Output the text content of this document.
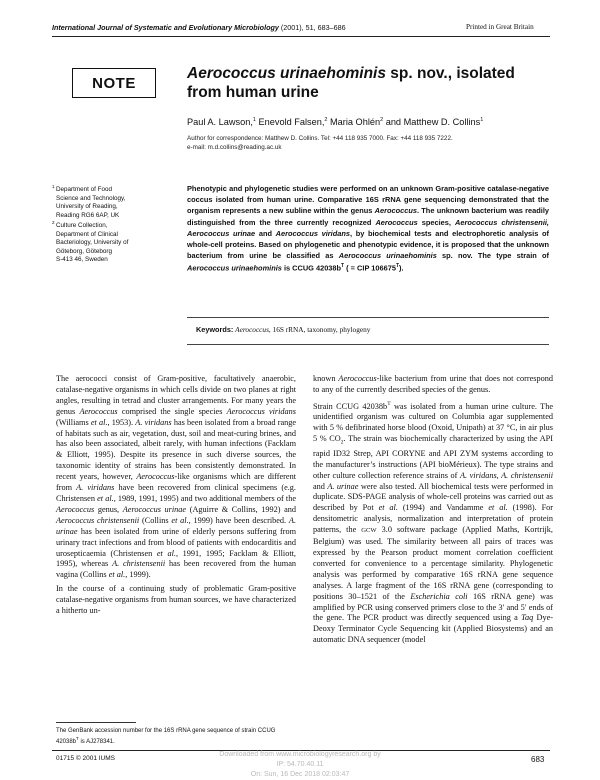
International Journal of Systematic and Evolutionary Microbiology (2001), 51, 683–686	Printed in Great Britain
NOTE
Aerococcus urinaehominis sp. nov., isolated from human urine
Paul A. Lawson,$^1$ Enevold Falsen,$^2$ Maria Ohlén$^2$ and Matthew D. Collins$^1$
Author for correspondence: Matthew D. Collins. Tel: +44 118 935 7000. Fax: +44 118 935 7222.
e-mail: m.d.collins@reading.ac.uk
1 Department of Food
Science and Technology,
University of Reading,
Reading RG6 6AP, UK
2 Culture Collection,
Department of Clinical
Bacteriology, University of
Göteborg, Göteborg
S-413 46, Sweden
Phenotypic and phylogenetic studies were performed on an unknown Gram-positive catalase-negative coccus isolated from human urine. Comparative 16S rRNA gene sequencing demonstrated that the organism represents a new subline within the genus Aerococcus. The unknown bacterium was readily distinguished from the three currently recognized Aerococcus species, Aerococcus christensenii, Aerococcus urinae and Aerococcus viridans, by biochemical tests and electrophoretic analysis of whole-cell proteins. Based on phylogenetic and phenotypic evidence, it is proposed that the unknown bacterium from urine be classified as Aerococcus urinaehominis sp. nov. The type strain of Aerococcus urinaehominis is CCUG $42038b^T$ ( = CIP $106675^T$).
Keywords: Aerococcus, 16S rRNA, taxonomy, phylogeny

The aerococci consist of Gram-positive, facultatively anaerobic, catalase-negative organisms in which cells divide on two planes at right angles, resulting in tetrad and cluster arrangements. For many years the genus Aerococcus comprised the single species Aerococcus viridans (Williams et al., 1953). A. viridans has been isolated from a broad range of habitats such as air, vegetation, dust, soil and meat-curing brines, and has also been associated, albeit rarely, with human infections (Facklam & Elliott, 1995). Despite its presence in such diverse sources, the taxonomic identity of strains has been consistently demonstrated. In recent years, however, Aerococcus-like organisms which are different from A. viridans have been recovered from clinical specimens (e.g. Christensen et al., 1989, 1991, 1995) and two additional members of the Aerococcus genus, Aerococcus urinae (Aguirre & Collins, 1992) and Aerococcus christensenii (Collins et al., 1999) have been described. A. urinae has been isolated from urine of elderly persons suffering from urinary tract infections and from blood of patients with endocarditis and urosepticaemia (Christensen et al., 1991, 1995; Facklam & Elliott, 1995), whereas A. christensenii has been recovered from the human vagina (Collins et al., 1999).

In the course of a continuing study of problematic Gram-positive catalase-negative organisms from human sources, we have characterized a hitherto un-

known Aerococcus-like bacterium from urine that does not correspond to any of the currently described species of the genus.

Strain CCUG $42038b^T$ was isolated from a human urine culture. The unidentified organism was cultured on Columbia agar supplemented with 5 % defibrinated horse blood (Oxoid, Unipath) at 37 °C, in air plus 5 % $CO_2$. The strain was biochemically characterized by using the API rapid ID32 Strep, API CORYNE and API ZYM systems according to the manufacturer’s instructions (API bioMérieux). The type strains and other culture collection reference strains of A. viridans, A. christensenii and A. urinae were also tested. All biochemical tests were performed in duplicate. SDS-PAGE analysis of whole-cell proteins was carried out as described by Pot et al. (1994) and Vandamme et al. (1998). For densitometric analysis, normalization and interpretation of protein patterns, the GCW 3.0 software package (Applied Maths, Kortrijk, Belgium) was used. The similarity between all pairs of traces was expressed by the Pearson product moment correlation coefficient converted for convenience to a percentage similarity. Phylogenetic analysis was performed by comparative 16S rRNA gene sequence analyses. A large fragment of the 16S rRNA gene (corresponding to positions 30–1521 of the Escherichia coli 16S rRNA gene) was amplified by PCR using conserved primers close to the 3′ and 5′ ends of the gene. The PCR product was directly sequenced using a Taq Dye-Deoxy Terminator Cycle Sequencing kit (Applied Biosystems) and an automatic DNA sequencer (model

The GenBank accession number for the 16S rRNA gene sequence of strain CCUG $42038b^T$ is AJ278341.
01715 © 2001 IUMS	683
Downloaded from www.microbiologyresearch.org by
IP: 54.70.40.11
On: Sun, 16 Dec 2018 02:03:47
